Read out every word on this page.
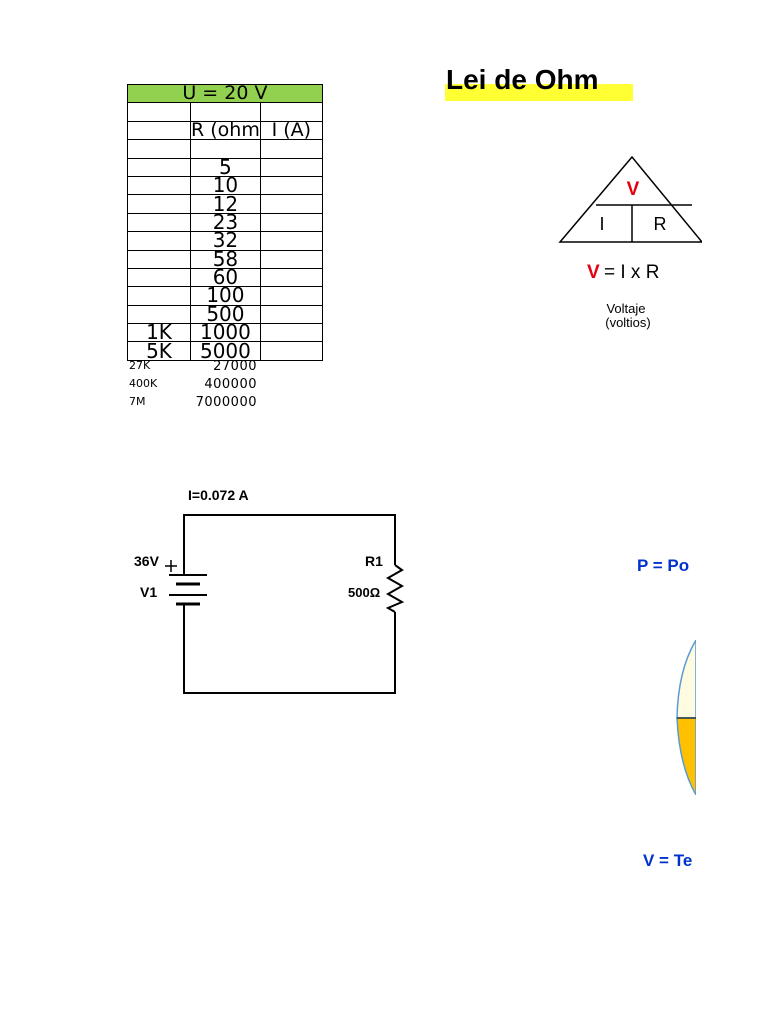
U = 20 V		

	R (ohm	I (A)

	5	
	10	
	12	
	23	
	32	
	58	
	60	
	100	
	500	
1K	1000	
5K	5000	
27K	27000
400K	400000
7M	7000000
Lei de Ohm
V
I	R
V = I x R
Voltaje
(voltios)
I=0.072 A
36V
V1
R1
500Ω
P = Po
V = Te
